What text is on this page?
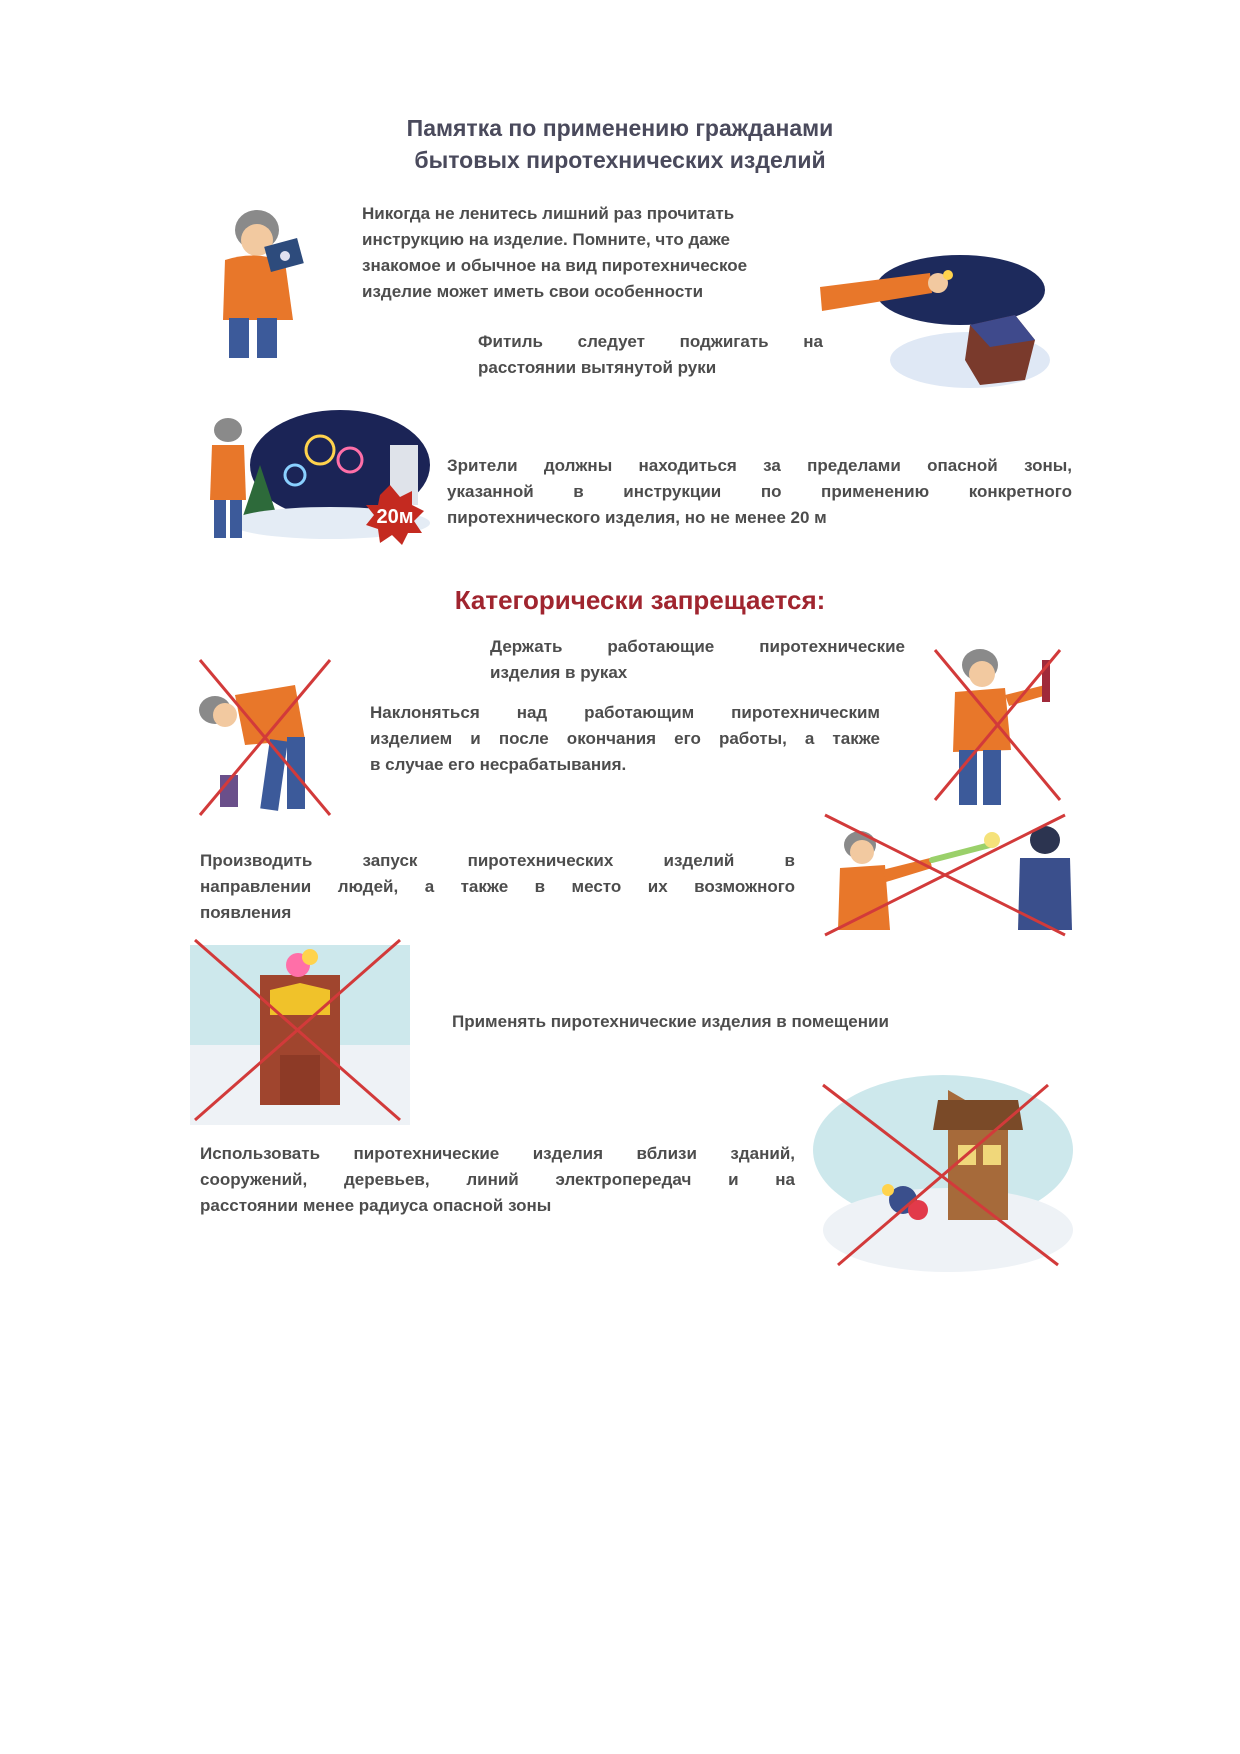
Памятка по применению гражданами
бытовых пиротехнических изделий
Никогда не ленитесь лишний раз прочитать
инструкцию на изделие. Помните, что даже
знакомое и обычное на вид пиротехническое
изделие может иметь свои особенности
Фитиль следует поджигать на
расстоянии вытянутой руки
20м
Зрители должны находиться за пределами опасной зоны,
указанной в инструкции по применению конкретного
пиротехнического изделия, но не менее 20 м
Категорически запрещается:
Держать работающие пиротехнические
изделия в руках
Наклоняться над работающим пиротехническим
изделием и после окончания его работы, а также
в случае его несрабатывания.
Производить запуск пиротехнических изделий в
направлении людей, а также в место их возможного
появления
Применять пиротехнические изделия в помещении
Использовать пиротехнические изделия вблизи зданий,
сооружений, деревьев, линий электропередач и на
расстоянии менее радиуса опасной зоны
